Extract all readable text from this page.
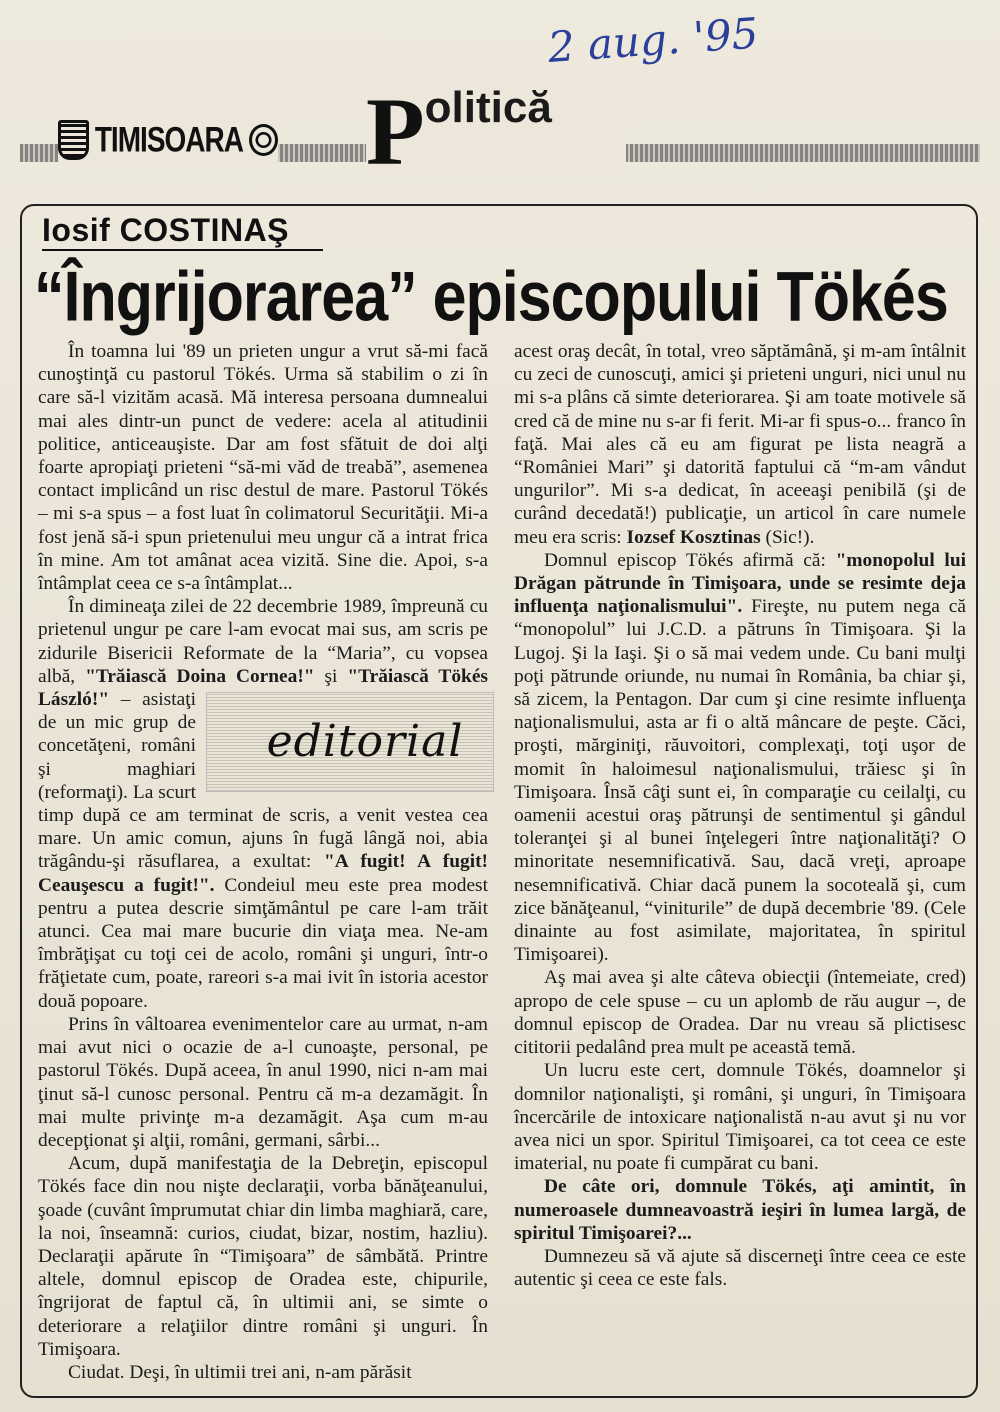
2 aug. '95
TIMISOARA P olitică
Iosif COSTINAŞ
“Îngrijorarea” episcopului Tökés

În toamna lui '89 un prieten ungur a vrut să-mi facă cunoştinţă cu pastorul Tökés. Urma să stabilim o zi în care să-l vizităm acasă. Mă interesa persoana dumnealui mai ales dintr-un punct de vedere: acela al atitudinii politice, anticeauşiste. Dar am fost sfătuit de doi alţi foarte apropiaţi prieteni “să-mi văd de treabă”, asemenea contact implicând un risc destul de mare. Pastorul Tökés – mi s-a spus – a fost luat în colimatorul Securităţii. Mi-a fost jenă să-i spun prietenului meu ungur că a intrat frica în mine. Am tot amânat acea vizită. Sine die. Apoi, s-a întâmplat ceea ce s-a întâmplat...

În dimineaţa zilei de 22 decembrie 1989, împreună cu prietenul ungur pe care l-am evocat mai sus, am scris pe zidurile Bisericii Reformate de la “Maria”, cu vopsea albă, "Trăiască Doina Cornea!" şi "Trăiască Tökés László!"
editorial
– asistaţi de un mic grup de concetăţeni, români şi maghiari (reformaţi). La scurt timp după ce am terminat de scris, a venit vestea cea mare. Un amic comun, ajuns în fugă lângă noi, abia trăgându-şi răsuflarea, a exultat: "A fugit! A fugit! Ceauşescu a fugit!". Condeiul meu este prea modest pentru a putea descrie simţământul pe care l-am trăit atunci. Cea mai mare bucurie din viaţa mea. Ne-am îmbrăţişat cu toţi cei de acolo, români şi unguri, într-o frăţietate cum, poate, rareori s-a mai ivit în istoria acestor două popoare.

Prins în vâltoarea evenimentelor care au urmat, n-am mai avut nici o ocazie de a-l cunoaşte, personal, pe pastorul Tökés. După aceea, în anul 1990, nici n-am mai ţinut să-l cunosc personal. Pentru că m-a dezamăgit. În mai multe privinţe m-a dezamăgit. Aşa cum m-au decepţionat şi alţii, români, germani, sârbi...

Acum, după manifestaţia de la Debreţin, episcopul Tökés face din nou nişte declaraţii, vorba bănăţeanului, şoade (cuvânt împrumutat chiar din limba maghiară, care, la noi, înseamnă: curios, ciudat, bizar, nostim, hazliu). Declaraţii apărute în “Timişoara” de sâmbătă. Printre altele, domnul episcop de Oradea este, chipurile, îngrijorat de faptul că, în ultimii ani, se simte o deteriorare a relaţiilor dintre români şi unguri. În Timişoara.

Ciudat. Deşi, în ultimii trei ani, n-am părăsit

acest oraş decât, în total, vreo săptămână, şi m-am întâlnit cu zeci de cunoscuţi, amici şi prieteni unguri, nici unul nu mi s-a plâns că simte deteriorarea. Şi am toate motivele să cred că de mine nu s-ar fi ferit. Mi-ar fi spus-o... franco în faţă. Mai ales că eu am figurat pe lista neagră a “României Mari” şi datorită faptului că “m-am vândut ungurilor”. Mi s-a dedicat, în aceeaşi penibilă (şi de curând decedată!) publicaţie, un articol în care numele meu era scris: Iozsef Kosztinas (Sic!).

Domnul episcop Tökés afirmă că: "monopolul lui Drăgan pătrunde în Timişoara, unde se resimte deja influenţa naţionalismului". Fireşte, nu putem nega că “monopolul” lui J.C.D. a pătruns în Timişoara. Şi la Lugoj. Şi la Iaşi. Şi o să mai vedem unde. Cu bani mulţi poţi pătrunde oriunde, nu numai în România, ba chiar şi, să zicem, la Pentagon. Dar cum şi cine resimte influenţa naţionalismului, asta ar fi o altă mâncare de peşte. Căci, proşti, mărginiţi, răuvoitori, complexaţi, toţi uşor de momit în haloimesul naţionalismului, trăiesc şi în Timişoara. Însă câţi sunt ei, în comparaţie cu ceilalţi, cu oamenii acestui oraş pătrunşi de sentimentul şi gândul toleranţei şi al bunei înţelegeri între naţionalităţi? O minoritate nesemnificativă. Sau, dacă vreţi, aproape nesemnificativă. Chiar dacă punem la socoteală şi, cum zice bănăţeanul, “viniturile” de după decembrie '89. (Cele dinainte au fost asimilate, majoritatea, în spiritul Timişoarei).

Aş mai avea şi alte câteva obiecţii (întemeiate, cred) apropo de cele spuse – cu un aplomb de rău augur –, de domnul episcop de Oradea. Dar nu vreau să plictisesc cititorii pedalând prea mult pe această temă.

Un lucru este cert, domnule Tökés, doamnelor şi domnilor naţionalişti, şi români, şi unguri, în Timişoara încercările de intoxicare naţionalistă n-au avut şi nu vor avea nici un spor. Spiritul Timişoarei, ca tot ceea ce este imaterial, nu poate fi cumpărat cu bani.

De câte ori, domnule Tökés, aţi amintit, în numeroasele dumneavoastră ieşiri în lumea largă, de spiritul Timişoarei?...

Dumnezeu să vă ajute să discerneţi între ceea ce este autentic şi ceea ce este fals.
